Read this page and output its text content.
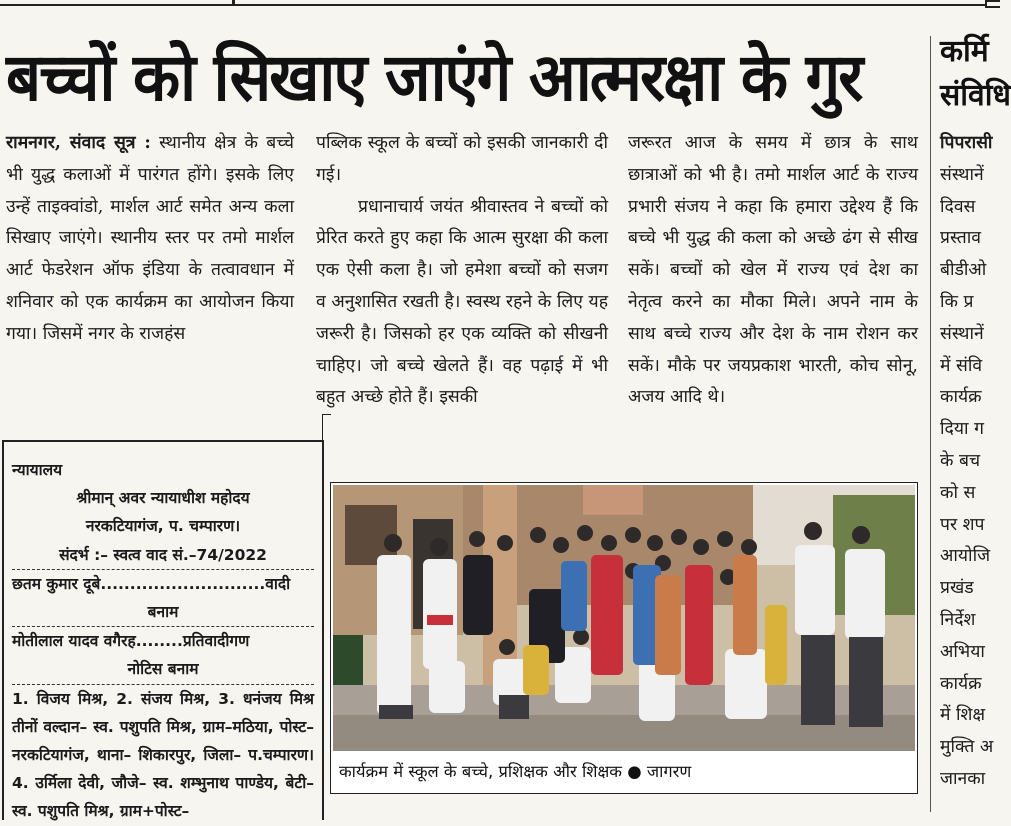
बच्चों को सिखाए जाएंगे आत्मरक्षा के गुर	कर्मि
संविधि

रामनगर, संवाद सूत्र : स्थानीय क्षेत्र के बच्चे भी युद्ध कलाओं में पारंगत होंगे। इसके लिए उन्हें ताइक्वांडो, मार्शल आर्ट समेत अन्य कला सिखाए जाएंगे। स्थानीय स्तर पर तमो मार्शल आर्ट फेडरेशन ऑफ इंडिया के तत्वावधान में शनिवार को एक कार्यक्रम का आयोजन किया गया। जिसमें नगर के राजहंस

पब्लिक स्कूल के बच्चों को इसकी जानकारी दी गई।

प्रधानाचार्य जयंत श्रीवास्तव ने बच्चों को प्रेरित करते हुए कहा कि आत्म सुरक्षा की कला एक ऐसी कला है। जो हमेशा बच्चों को सजग व अनुशासित रखती है। स्वस्थ रहने के लिए यह जरूरी है। जिसको हर एक व्यक्ति को सीखनी चाहिए। जो बच्चे खेलते हैं। वह पढ़ाई में भी बहुत अच्छे होते हैं। इसकी

जरूरत आज के समय में छात्र के साथ छात्राओं को भी है। तमो मार्शल आर्ट के राज्य प्रभारी संजय ने कहा कि हमारा उद्देश्य हैं कि बच्चे भी युद्ध की कला को अच्छे ढंग से सीख सकें। बच्चों को खेल में राज्य एवं देश का नेतृत्व करने का मौका मिले। अपने नाम के साथ बच्चे राज्य और देश के नाम रोशन कर सकें। मौके पर जयप्रकाश भारती, कोच सोनू, अजय आदि थे।

पिपरासी

संस्थानें

दिवस

प्रस्ताव

बीडीओ

कि प्र

संस्थानें

में संवि

कार्यक्र

दिया ग

के बच

को स

पर शप

आयोजि

प्रखंड

निर्देश

अभिया

कार्यक्र

में शिक्ष

मुक्ति अ

जानका

न्यायालय
श्रीमान् अवर न्यायाधीश महोदय
नरकटियागंज, प. चम्पारण।
संदर्भ :– स्वत्व वाद सं.–74/2022
छतम कुमार दूबे............................वादी
बनाम
मोतीलाल यादव वगैरह........प्रतिवादीगण
नोटिस बनाम
1. विजय मिश्र, 2. संजय मिश्र, 3. धनंजय मिश्र तीनों वल्दान– स्व. पशुपति मिश्र, ग्राम–मठिया, पोस्ट– नरकटियागंज, थाना– शिकारपुर, जिला– प.चम्पारण।4. उर्मिला देवी, जौजे– स्व. शम्भुनाथ पाण्डेय, बेटी– स्व. पशुपति मिश्र, ग्राम+पोस्ट–
कार्यक्रम में स्कूल के बच्चे, प्रशिक्षक और शिक्षक ● जागरण
